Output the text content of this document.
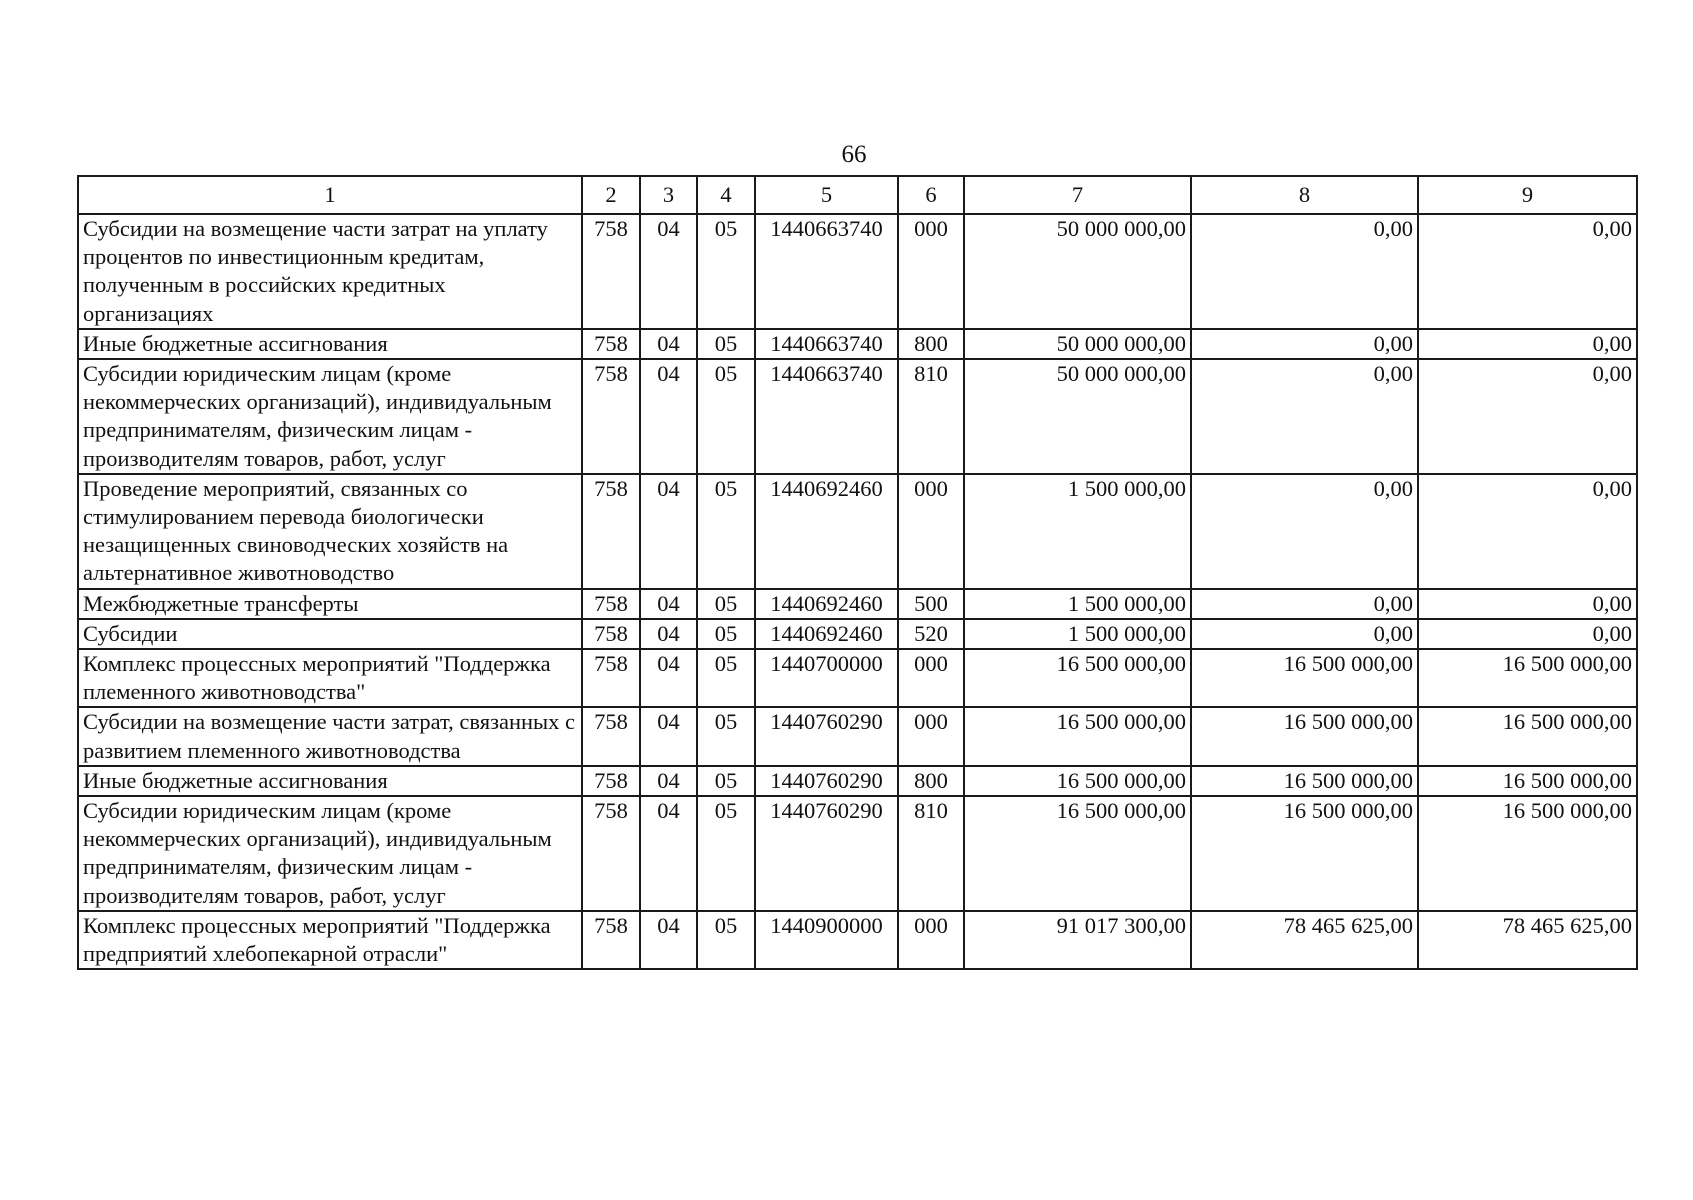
66
1	2	3	4	5	6	7	8	9
Субсидии на возмещение части затрат на уплату процентов по инвестиционным кредитам, полученным в российских кредитных организациях	758	04	05	1440663740	000	50 000 000,00	0,00	0,00
Иные бюджетные ассигнования	758	04	05	1440663740	800	50 000 000,00	0,00	0,00
Субсидии юридическим лицам (кроме некоммерческих организаций), индивидуальным предпринимателям, физическим лицам - производителям товаров, работ, услуг	758	04	05	1440663740	810	50 000 000,00	0,00	0,00
Проведение мероприятий, связанных со стимулированием перевода биологически незащищенных свиноводческих хозяйств на альтернативное животноводство	758	04	05	1440692460	000	1 500 000,00	0,00	0,00
Межбюджетные трансферты	758	04	05	1440692460	500	1 500 000,00	0,00	0,00
Субсидии	758	04	05	1440692460	520	1 500 000,00	0,00	0,00
Комплекс процессных мероприятий "Поддержка племенного животноводства"	758	04	05	1440700000	000	16 500 000,00	16 500 000,00	16 500 000,00
Субсидии на возмещение части затрат, связанных с развитием племенного животноводства	758	04	05	1440760290	000	16 500 000,00	16 500 000,00	16 500 000,00
Иные бюджетные ассигнования	758	04	05	1440760290	800	16 500 000,00	16 500 000,00	16 500 000,00
Субсидии юридическим лицам (кроме некоммерческих организаций), индивидуальным предпринимателям, физическим лицам - производителям товаров, работ, услуг	758	04	05	1440760290	810	16 500 000,00	16 500 000,00	16 500 000,00
Комплекс процессных мероприятий "Поддержка предприятий хлебопекарной отрасли"	758	04	05	1440900000	000	91 017 300,00	78 465 625,00	78 465 625,00
